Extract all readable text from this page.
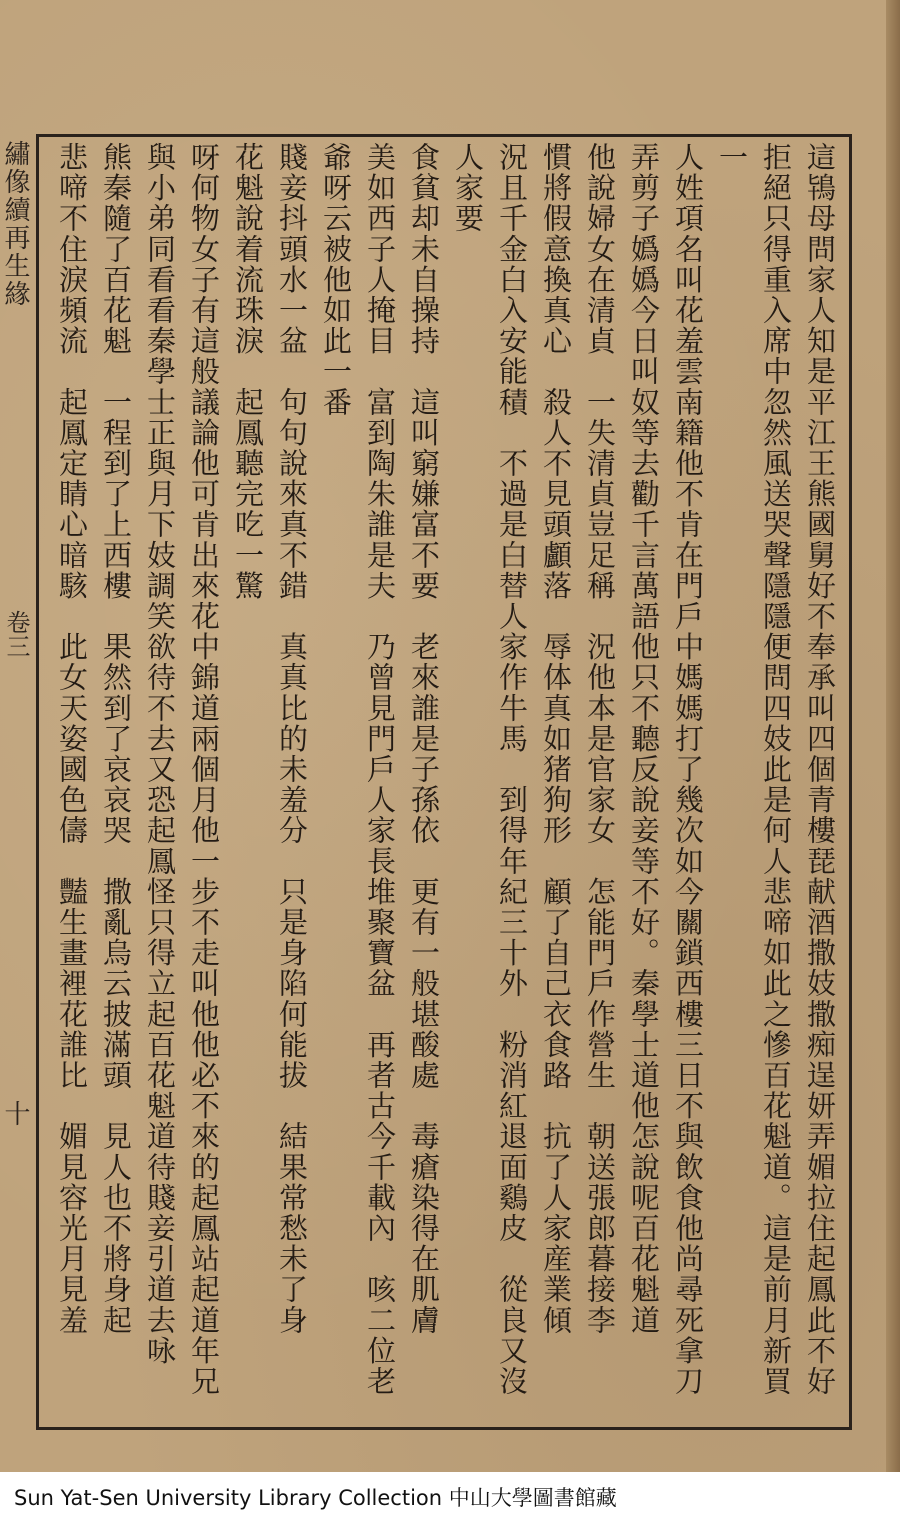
繡像續再生緣
卷三
十	這鴇母問家人知是平江王熊國舅好不奉承叫四個青樓琵献酒撒妓撒痴逞妍弄媚拉住起鳳此不好
拒絕只得重入席中忽然風送哭聲隱隱便問四妓此是何人悲啼如此之慘百花魁道。這是前月新買一
人姓項名叫花羞雲南籍他不肯在門戶中媽媽打了幾次如今關鎖西樓三日不與飲食他尚尋死拿刀
弄剪子嬀嬀今日叫奴等去勸千言萬語他只不聽反說妾等不好。秦學士道他怎說呢百花魁道
他說婦女在清貞　一失清貞豈足稱　況他本是官家女　怎能門戶作營生　朝送張郎暮接李
慣將假意換真心　殺人不見頭顱落　辱体真如猪狗形　顧了自己衣食路　抗了人家産業傾
況且千金白入安能積　不過是白替人家作牛馬　到得年紀三十外　粉消紅退面鷄皮　從良又沒人家要
食貧却未自操持　這叫窮嫌富不要　老來誰是子孫依　更有一般堪酸處　毒瘡染得在肌膚
美如西子人掩目　富到陶朱誰是夫　乃曾見門戶人家長堆聚寶盆　再者古今千載內　咳二位老爺呀云被他如此一番
賤妾抖頭水一盆　句句說來真不錯　真真比的未羞分　只是身陷何能拔　結果常愁未了身
花魁說着流珠淚　起鳳聽完吃一驚
呀何物女子有這般議論他可肯出來花中錦道兩個月他一步不走叫他他必不來的起鳳站起道年兄
與小弟同看看秦學士正與月下妓調笑欲待不去又恐起鳳怪只得立起百花魁道待賤妾引道去咏
熊秦隨了百花魁　一程到了上西樓　果然到了哀哀哭　撒亂烏云披滿頭　見人也不將身起
悲啼不住淚頻流　起鳳定睛心暗駭　此女天姿國色儔　豔生畫裡花誰比　媚見容光月見羞
Sun Yat-Sen University Library Collection 中山大學圖書館藏
